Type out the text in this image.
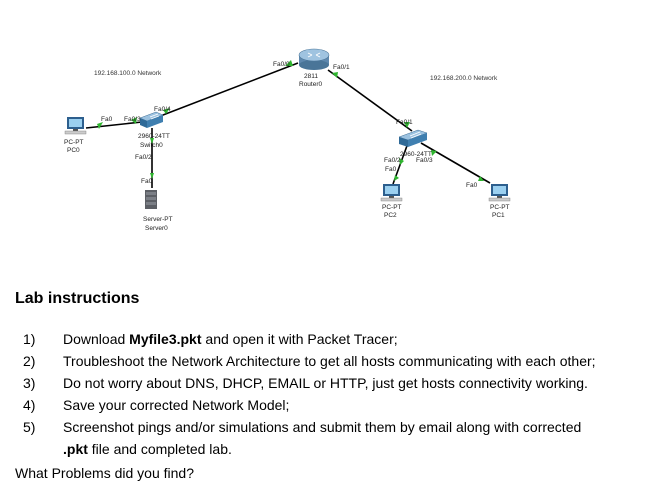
192.168.100.0 Network
192.168.200.0 Network
2811
Router0
Fa0/0	Fa0/1
2960-24TT
Switch0
Fa0/4
Fa0/3
Fa0/2
PC-PT
PC0
Fa0
Server-PT
Server0
Fa0
2960-24TT
Fa0/1
Fa0/2 Fa0/3
PC-PT
PC2
Fa0
PC-PT
PC1
Fa0
Lab instructions
1) Download Myfile3.pkt and open it with Packet Tracer;
2) Troubleshoot the Network Architecture to get all hosts communicating with each other;
3) Do not worry about DNS, DHCP, EMAIL or HTTP, just get hosts connectivity working.
4) Save your corrected Network Model;
5) Screenshot pings and/or simulations and submit them by email along with corrected
.pkt file and completed lab.
What Problems did you find?
